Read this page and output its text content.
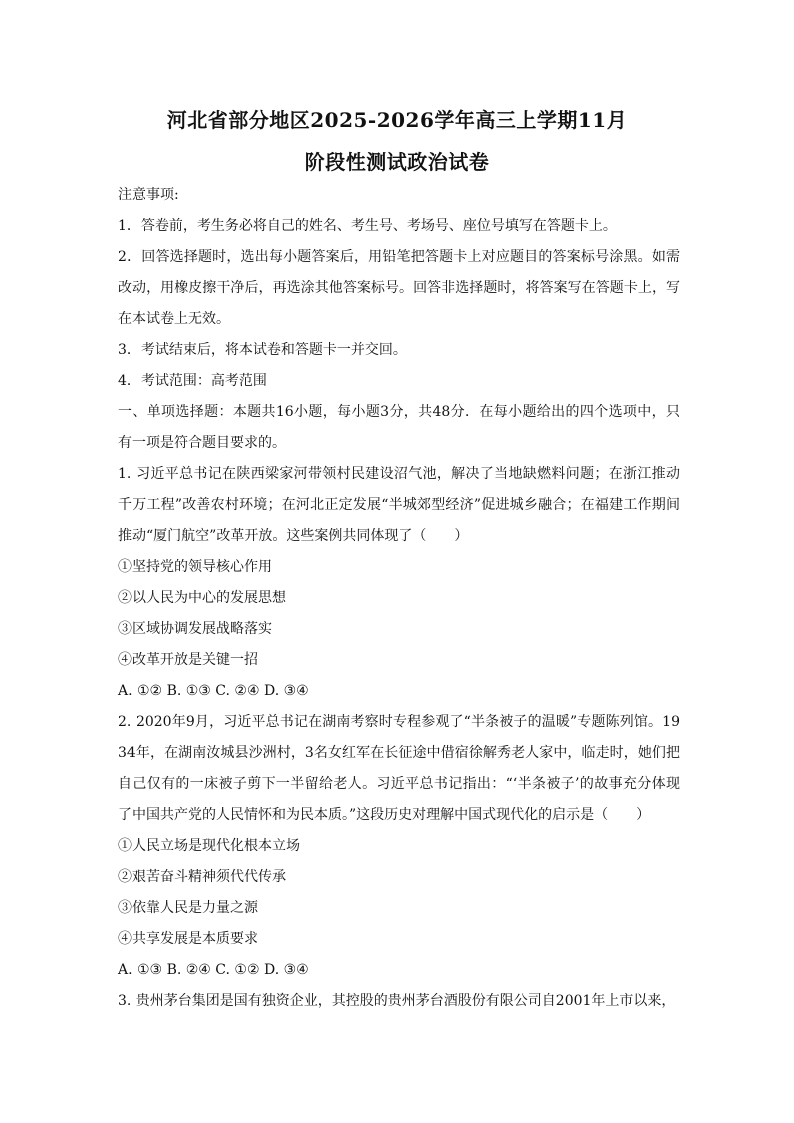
河北省部分地区2025-2026学年高三上学期11月
阶段性测试政治试卷

注意事项:

1．答卷前，考生务必将自己的姓名、考生号、考场号、座位号填写在答题卡上。

2．回答选择题时，选出每小题答案后，用铅笔把答题卡上对应题目的答案标号涂黑。如需改动，用橡皮擦干净后，再选涂其他答案标号。回答非选择题时，将答案写在答题卡上，写在本试卷上无效。

3．考试结束后，将本试卷和答题卡一并交回。

4．考试范围：高考范围

一、单项选择题：本题共16小题，每小题3分，共48分．在每小题给出的四个选项中，只有一项是符合题目要求的。

1. 习近平总书记在陕西梁家河带领村民建设沼气池，解决了当地缺燃料问题；在浙江推动千万工程”改善农村环境；在河北正定发展“半城郊型经济”促进城乡融合；在福建工作期间推动“厦门航空”改革开放。这些案例共同体现了（　　）

①坚持党的领导核心作用

②以人民为中心的发展思想

③区域协调发展战略落实

④改革开放是关键一招

A. ①② B. ①③ C. ②④ D. ③④

2. 2020年9月，习近平总书记在湖南考察时专程参观了“半条被子的温暖”专题陈列馆。1934年，在湖南汝城县沙洲村，3名女红军在长征途中借宿徐解秀老人家中，临走时，她们把自己仅有的一床被子剪下一半留给老人。习近平总书记指出：“‘半条被子’的故事充分体现了中国共产党的人民情怀和为民本质。”这段历史对理解中国式现代化的启示是（　　）

①人民立场是现代化根本立场

②艰苦奋斗精神须代代传承

③依靠人民是力量之源

④共享发展是本质要求

A. ①③ B. ②④ C. ①② D. ③④

3. 贵州茅台集团是国有独资企业，其控股的贵州茅台酒股份有限公司自2001年上市以来，
